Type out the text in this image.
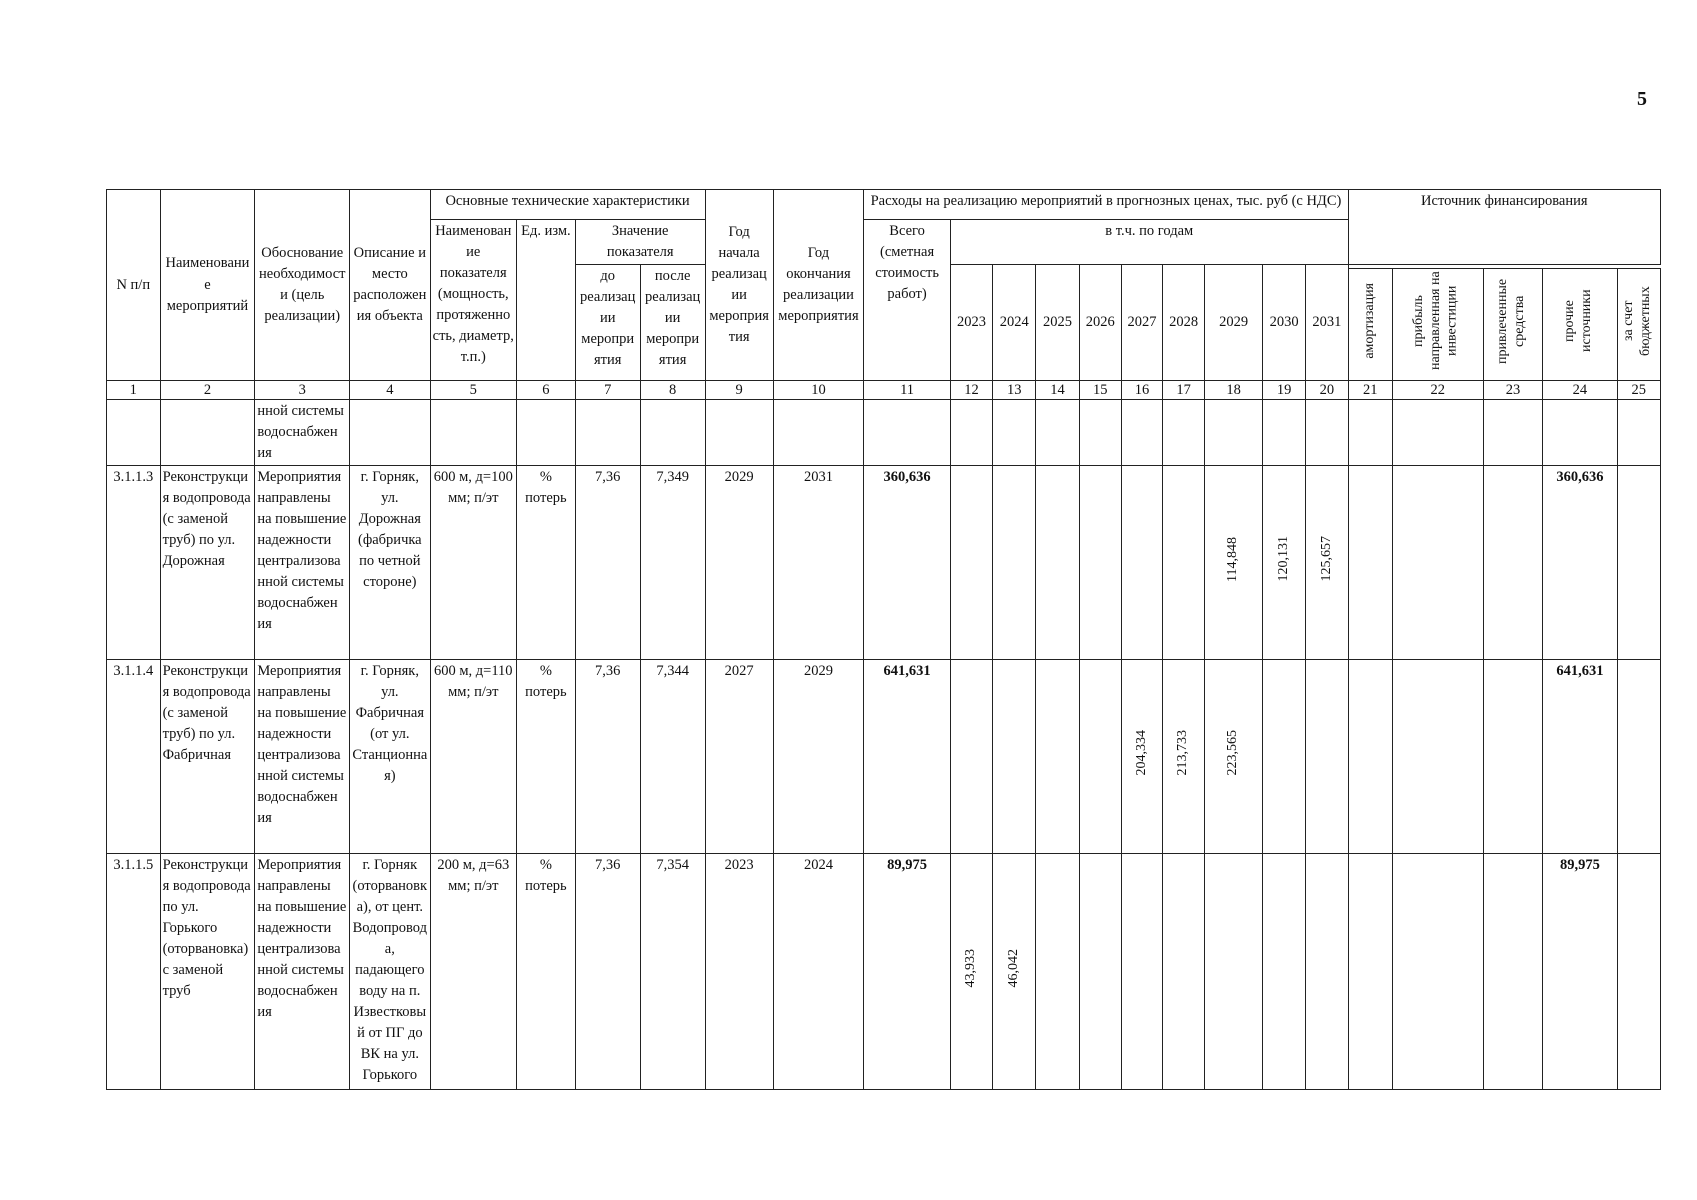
5
N п/п	Наименовани е мероприятий	Обоснование необходимост и (цель реализации)	Описание и место расположен ия объекта	Основные технические характеристики				Год начала реализац ии мероприя тия	Год окончания реализации мероприятия	Расходы на реализацию мероприятий в прогнозных ценах, тыс. руб (с НДС)										Источник финансирования				
				Наименован ие показателя (мощность, протяженно сть, диаметр, т.п.)	Ед. изм.	Значение показателя				Всего (сметная стоимость работ)	в т.ч. по годам													
						до реализац ии меропри ятия	после реализац ии меропри ятия				2023	2024	2025	2026	2027	2028	2029	2030	2031					
																				амортизация	прибыль направленная на инвестиции	привлеченные средства	прочие источники	за счет бюджетных
1	2	3	4	5	6	7	8	9	10	11	12	13	14	15	16	17	18	19	20	21	22	23	24	25
		нной системы водоснабжен ия																						
3.1.1.3	Реконструкци я водопровода (с заменой труб) по ул. Дорожная	Мероприятия направлены на повышение надежности централизова нной системы водоснабжен ия	г. Горняк, ул. Дорожная (фабричка по четной стороне)	600 м, д=100 мм; п/эт	% потерь	7,36	7,349	2029	2031	360,636							114,848	120,131	125,657				360,636	
3.1.1.4	Реконструкци я водопровода (с заменой труб) по ул. Фабричная	Мероприятия направлены на повышение надежности централизова нной системы водоснабжен ия	г. Горняк, ул. Фабричная (от ул. Станционна я)	600 м, д=110 мм; п/эт	% потерь	7,36	7,344	2027	2029	641,631					204,334	213,733	223,565						641,631	
3.1.1.5	Реконструкци я водопровода по ул. Горького (отоpвановка) с заменой труб	Мероприятия направлены на повышение надежности централизова нной системы водоснабжен ия	г. Горняк (оторвановк а), от цент. Водопровод а, падающего воду на п. Известковы й от ПГ до ВК на ул. Горького	200 м, д=63 мм; п/эт	% потерь	7,36	7,354	2023	2024	89,975	43,933	46,042											89,975	
